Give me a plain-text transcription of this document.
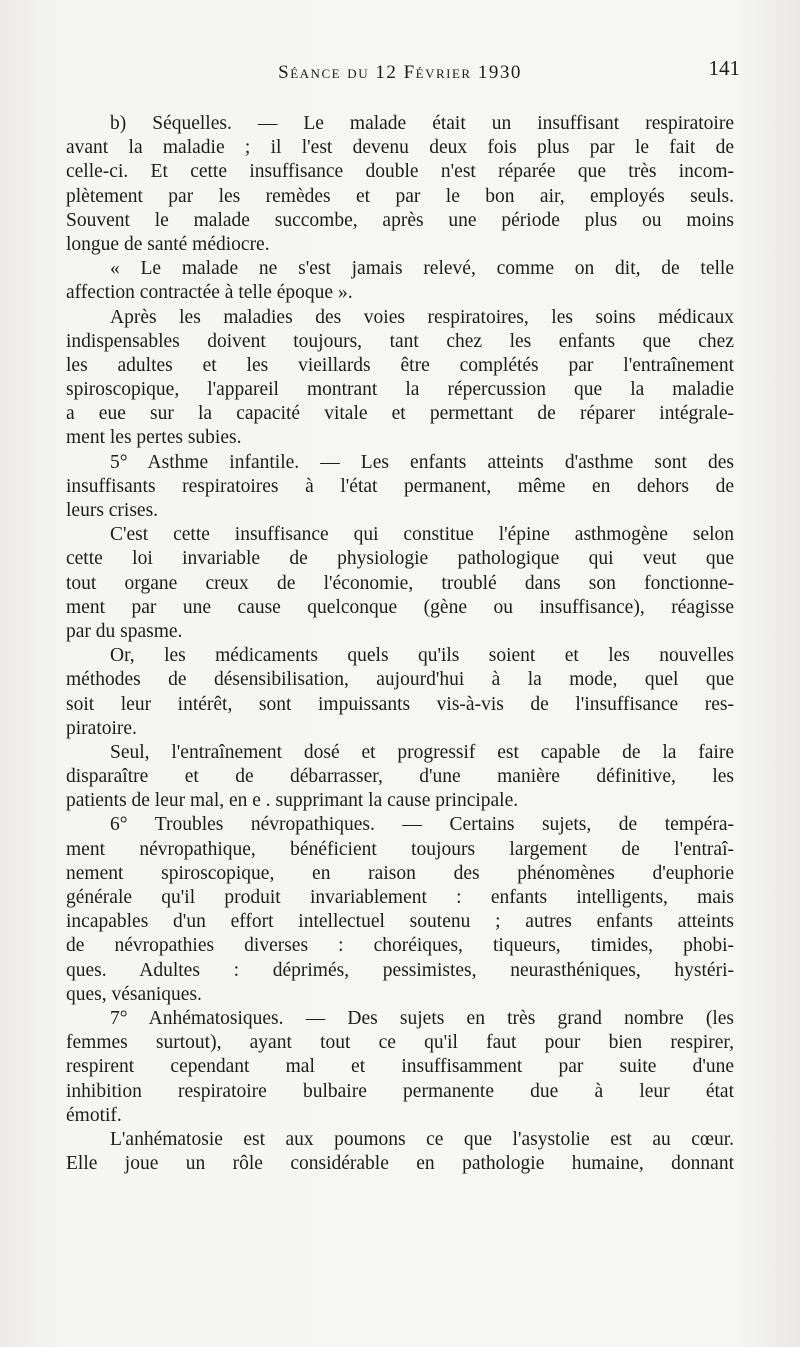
Séance du 12 Février 1930	141
b) Séquelles. — Le malade était un insuffisant respiratoire
avant la maladie ; il l'est devenu deux fois plus par le fait de
celle-ci. Et cette insuffisance double n'est réparée que très incom-
plètement par les remèdes et par le bon air, employés seuls.
Souvent le malade succombe, après une période plus ou moins
longue de santé médiocre.
« Le malade ne s'est jamais relevé, comme on dit, de telle
affection contractée à telle époque ».
Après les maladies des voies respiratoires, les soins médicaux
indispensables doivent toujours, tant chez les enfants que chez
les adultes et les vieillards être complétés par l'entraînement
spiroscopique, l'appareil montrant la répercussion que la maladie
a eue sur la capacité vitale et permettant de réparer intégrale-
ment les pertes subies.
5° Asthme infantile. — Les enfants atteints d'asthme sont des
insuffisants respiratoires à l'état permanent, même en dehors de
leurs crises.
C'est cette insuffisance qui constitue l'épine asthmogène selon
cette loi invariable de physiologie pathologique qui veut que
tout organe creux de l'économie, troublé dans son fonctionne-
ment par une cause quelconque (gène ou insuffisance), réagisse
par du spasme.
Or, les médicaments quels qu'ils soient et les nouvelles
méthodes de désensibilisation, aujourd'hui à la mode, quel que
soit leur intérêt, sont impuissants vis-à-vis de l'insuffisance res-
piratoire.
Seul, l'entraînement dosé et progressif est capable de la faire
disparaître et de débarrasser, d'une manière définitive, les
patients de leur mal, en e . supprimant la cause principale.
6° Troubles névropathiques. — Certains sujets, de tempéra-
ment névropathique, bénéficient toujours largement de l'entraî-
nement spiroscopique, en raison des phénomènes d'euphorie
générale qu'il produit invariablement : enfants intelligents, mais
incapables d'un effort intellectuel soutenu ; autres enfants atteints
de névropathies diverses : choréiques, tiqueurs, timides, phobi-
ques. Adultes : déprimés, pessimistes, neurasthéniques, hystéri-
ques, vésaniques.
7° Anhématosiques. — Des sujets en très grand nombre (les
femmes surtout), ayant tout ce qu'il faut pour bien respirer,
respirent cependant mal et insuffisamment par suite d'une
inhibition respiratoire bulbaire permanente due à leur état
émotif.
L'anhématosie est aux poumons ce que l'asystolie est au cœur.
Elle joue un rôle considérable en pathologie humaine, donnant
